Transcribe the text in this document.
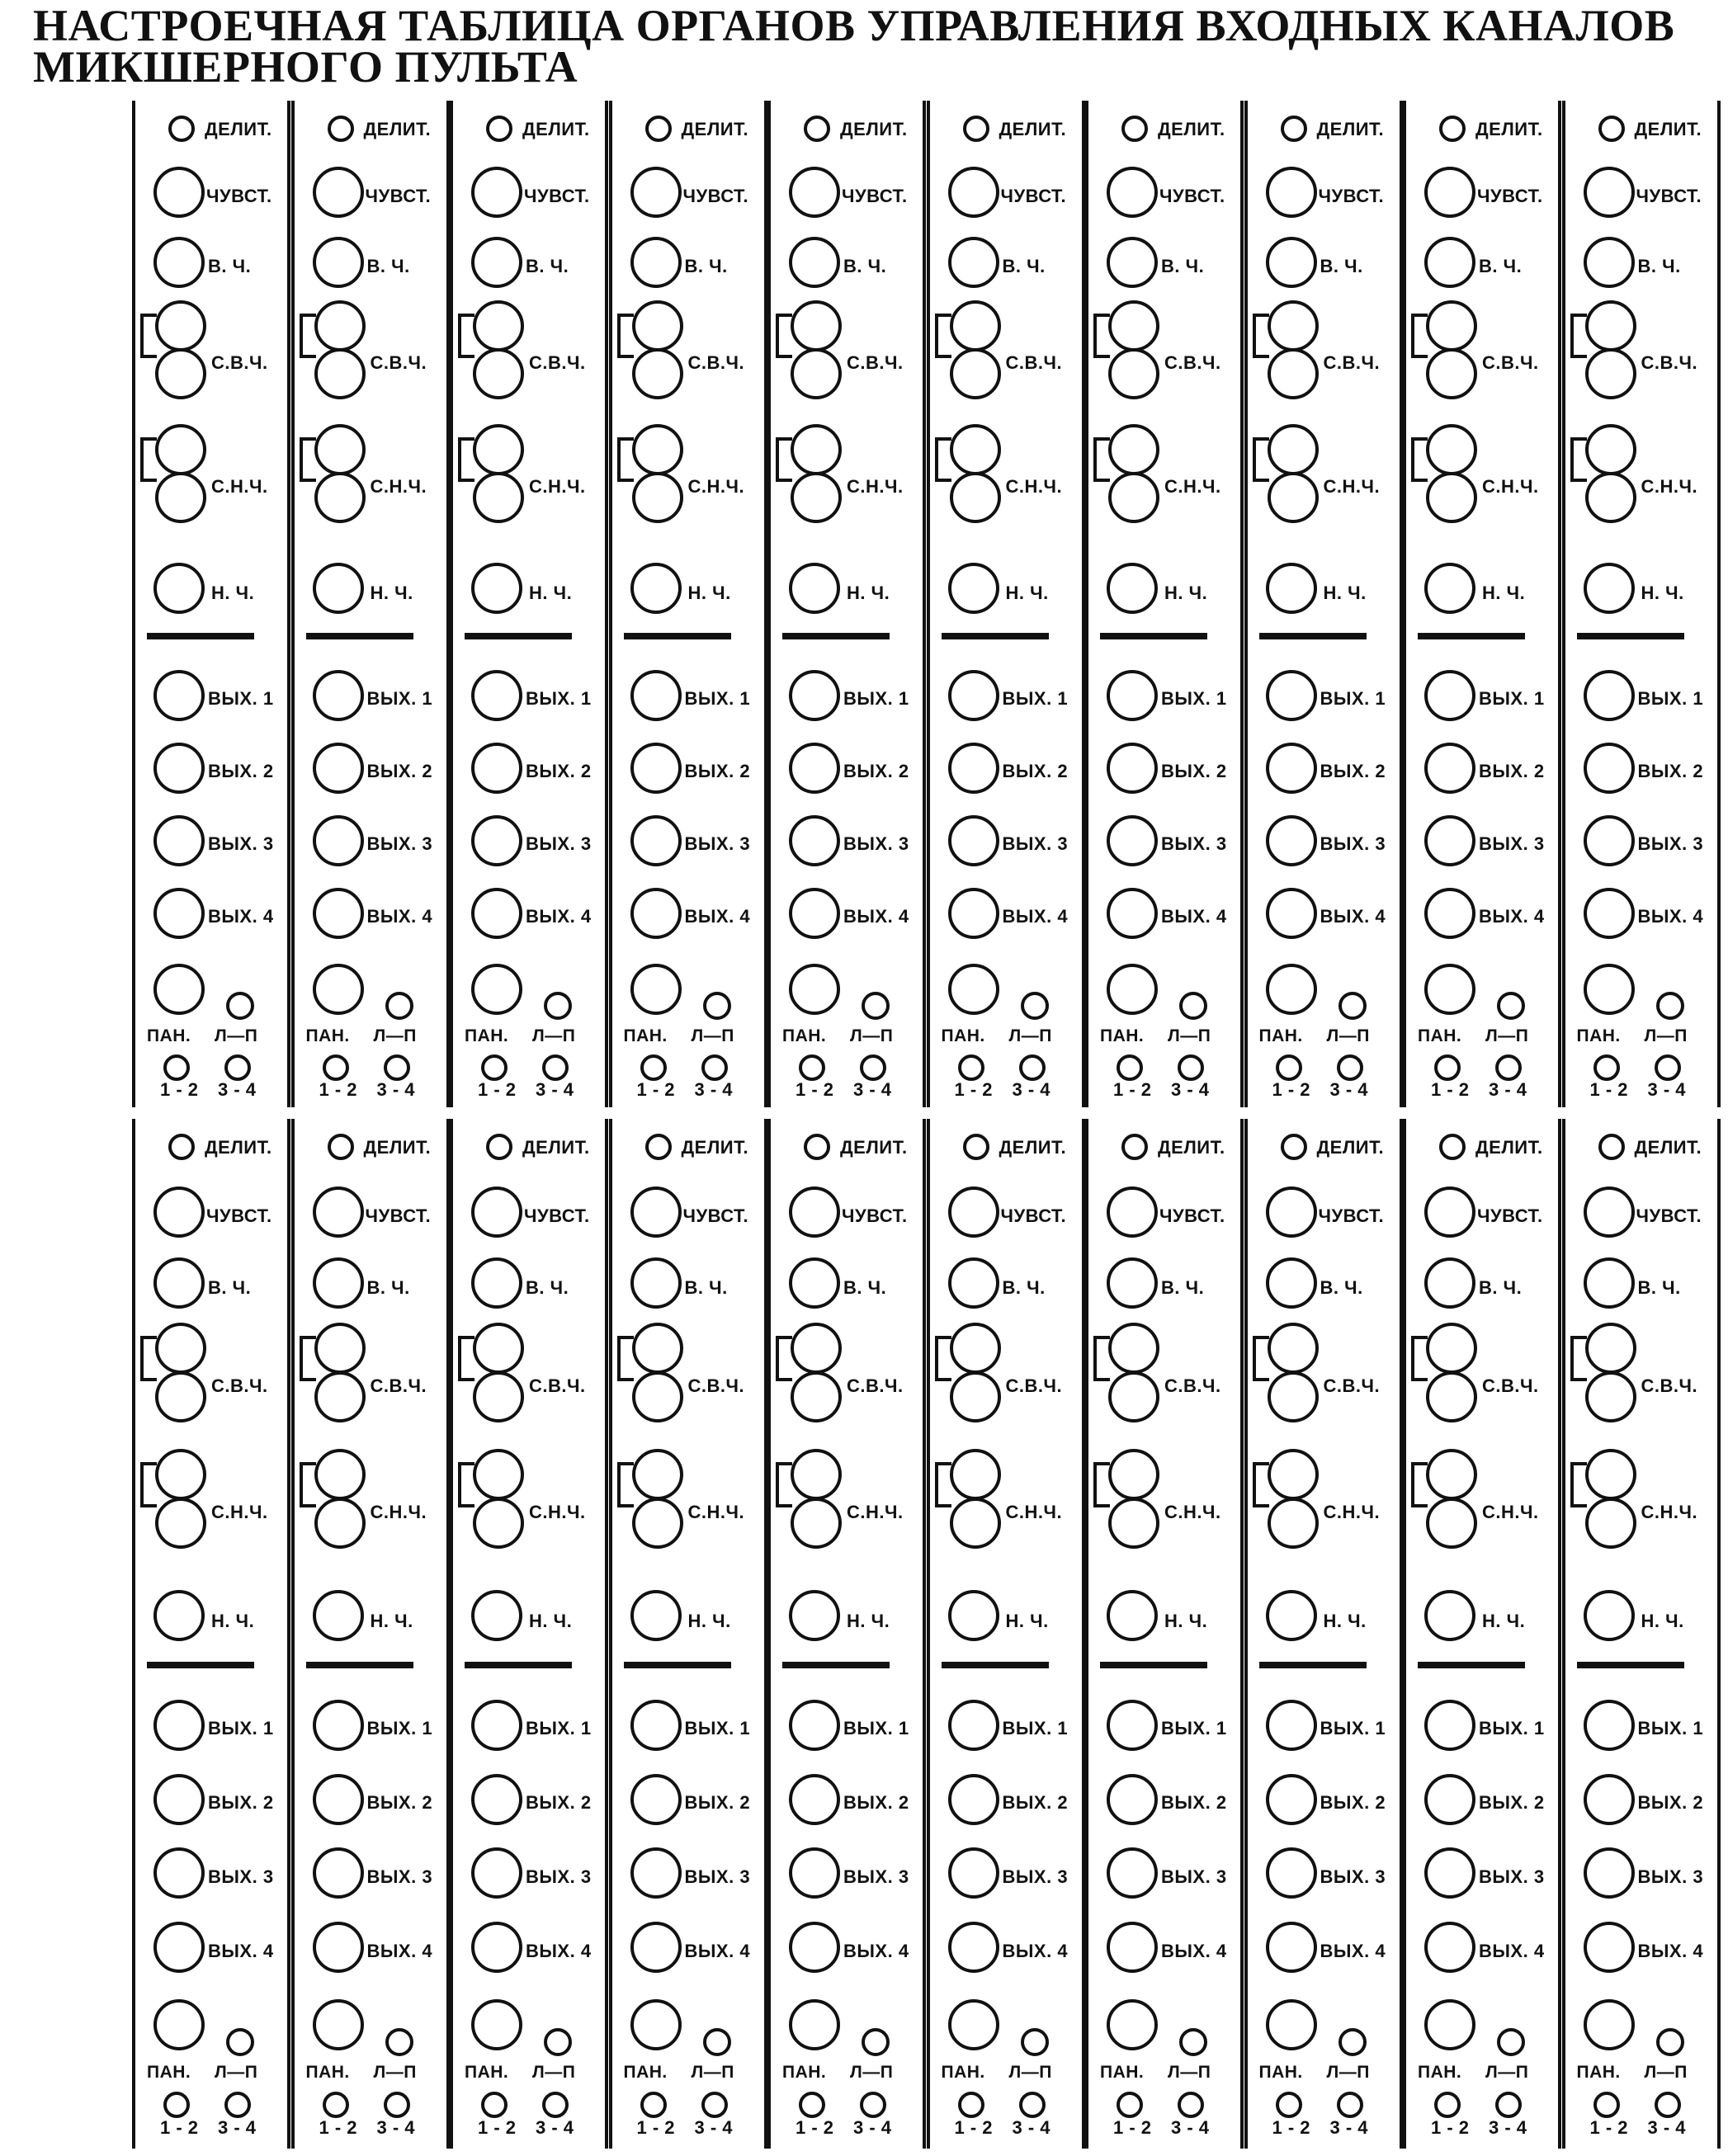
НАСТРОЕЧНАЯ ТАБЛИЦА ОРГАНОВ УПРАВЛЕНИЯ ВХОДНЫХ КАНАЛОВ
МИКШЕРНОГО ПУЛЬТА
ДЕЛИТ.
ЧУВСТ.
В. Ч.
С.В.Ч.
С.Н.Ч.
Н. Ч.
ВЫХ. 1
ВЫХ. 2
ВЫХ. 3
ВЫХ. 4
ПАН. Л—П
1 - 2 3 - 4
ДЕЛИТ.
ЧУВСТ.
В. Ч.
С.В.Ч.
С.Н.Ч.
Н. Ч.
ВЫХ. 1
ВЫХ. 2
ВЫХ. 3
ВЫХ. 4
ПАН. Л—П
1 - 2 3 - 4
ДЕЛИТ.
ЧУВСТ.
В. Ч.
С.В.Ч.
С.Н.Ч.
Н. Ч.
ВЫХ. 1
ВЫХ. 2
ВЫХ. 3
ВЫХ. 4
ПАН. Л—П
1 - 2 3 - 4
ДЕЛИТ.
ЧУВСТ.
В. Ч.
С.В.Ч.
С.Н.Ч.
Н. Ч.
ВЫХ. 1
ВЫХ. 2
ВЫХ. 3
ВЫХ. 4
ПАН. Л—П
1 - 2 3 - 4
ДЕЛИТ.
ЧУВСТ.
В. Ч.
С.В.Ч.
С.Н.Ч.
Н. Ч.
ВЫХ. 1
ВЫХ. 2
ВЫХ. 3
ВЫХ. 4
ПАН. Л—П
1 - 2 3 - 4
ДЕЛИТ.
ЧУВСТ.
В. Ч.
С.В.Ч.
С.Н.Ч.
Н. Ч.
ВЫХ. 1
ВЫХ. 2
ВЫХ. 3
ВЫХ. 4
ПАН. Л—П
1 - 2 3 - 4
ДЕЛИТ.
ЧУВСТ.
В. Ч.
С.В.Ч.
С.Н.Ч.
Н. Ч.
ВЫХ. 1
ВЫХ. 2
ВЫХ. 3
ВЫХ. 4
ПАН. Л—П
1 - 2 3 - 4
ДЕЛИТ.
ЧУВСТ.
В. Ч.
С.В.Ч.
С.Н.Ч.
Н. Ч.
ВЫХ. 1
ВЫХ. 2
ВЫХ. 3
ВЫХ. 4
ПАН. Л—П
1 - 2 3 - 4
ДЕЛИТ.
ЧУВСТ.
В. Ч.
С.В.Ч.
С.Н.Ч.
Н. Ч.
ВЫХ. 1
ВЫХ. 2
ВЫХ. 3
ВЫХ. 4
ПАН. Л—П
1 - 2 3 - 4
ДЕЛИТ.
ЧУВСТ.
В. Ч.
С.В.Ч.
С.Н.Ч.
Н. Ч.
ВЫХ. 1
ВЫХ. 2
ВЫХ. 3
ВЫХ. 4
ПАН. Л—П
1 - 2 3 - 4
ДЕЛИТ.
ЧУВСТ.
В. Ч.
С.В.Ч.
С.Н.Ч.
Н. Ч.
ВЫХ. 1
ВЫХ. 2
ВЫХ. 3
ВЫХ. 4
ПАН. Л—П
1 - 2 3 - 4
ДЕЛИТ.
ЧУВСТ.
В. Ч.
С.В.Ч.
С.Н.Ч.
Н. Ч.
ВЫХ. 1
ВЫХ. 2
ВЫХ. 3
ВЫХ. 4
ПАН. Л—П
1 - 2 3 - 4
ДЕЛИТ.
ЧУВСТ.
В. Ч.
С.В.Ч.
С.Н.Ч.
Н. Ч.
ВЫХ. 1
ВЫХ. 2
ВЫХ. 3
ВЫХ. 4
ПАН. Л—П
1 - 2 3 - 4
ДЕЛИТ.
ЧУВСТ.
В. Ч.
С.В.Ч.
С.Н.Ч.
Н. Ч.
ВЫХ. 1
ВЫХ. 2
ВЫХ. 3
ВЫХ. 4
ПАН. Л—П
1 - 2 3 - 4
ДЕЛИТ.
ЧУВСТ.
В. Ч.
С.В.Ч.
С.Н.Ч.
Н. Ч.
ВЫХ. 1
ВЫХ. 2
ВЫХ. 3
ВЫХ. 4
ПАН. Л—П
1 - 2 3 - 4
ДЕЛИТ.
ЧУВСТ.
В. Ч.
С.В.Ч.
С.Н.Ч.
Н. Ч.
ВЫХ. 1
ВЫХ. 2
ВЫХ. 3
ВЫХ. 4
ПАН. Л—П
1 - 2 3 - 4
ДЕЛИТ.
ЧУВСТ.
В. Ч.
С.В.Ч.
С.Н.Ч.
Н. Ч.
ВЫХ. 1
ВЫХ. 2
ВЫХ. 3
ВЫХ. 4
ПАН. Л—П
1 - 2 3 - 4
ДЕЛИТ.
ЧУВСТ.
В. Ч.
С.В.Ч.
С.Н.Ч.
Н. Ч.
ВЫХ. 1
ВЫХ. 2
ВЫХ. 3
ВЫХ. 4
ПАН. Л—П
1 - 2 3 - 4
ДЕЛИТ.
ЧУВСТ.
В. Ч.
С.В.Ч.
С.Н.Ч.
Н. Ч.
ВЫХ. 1
ВЫХ. 2
ВЫХ. 3
ВЫХ. 4
ПАН. Л—П
1 - 2 3 - 4
ДЕЛИТ.
ЧУВСТ.
В. Ч.
С.В.Ч.
С.Н.Ч.
Н. Ч.
ВЫХ. 1
ВЫХ. 2
ВЫХ. 3
ВЫХ. 4
ПАН. Л—П
1 - 2 3 - 4
